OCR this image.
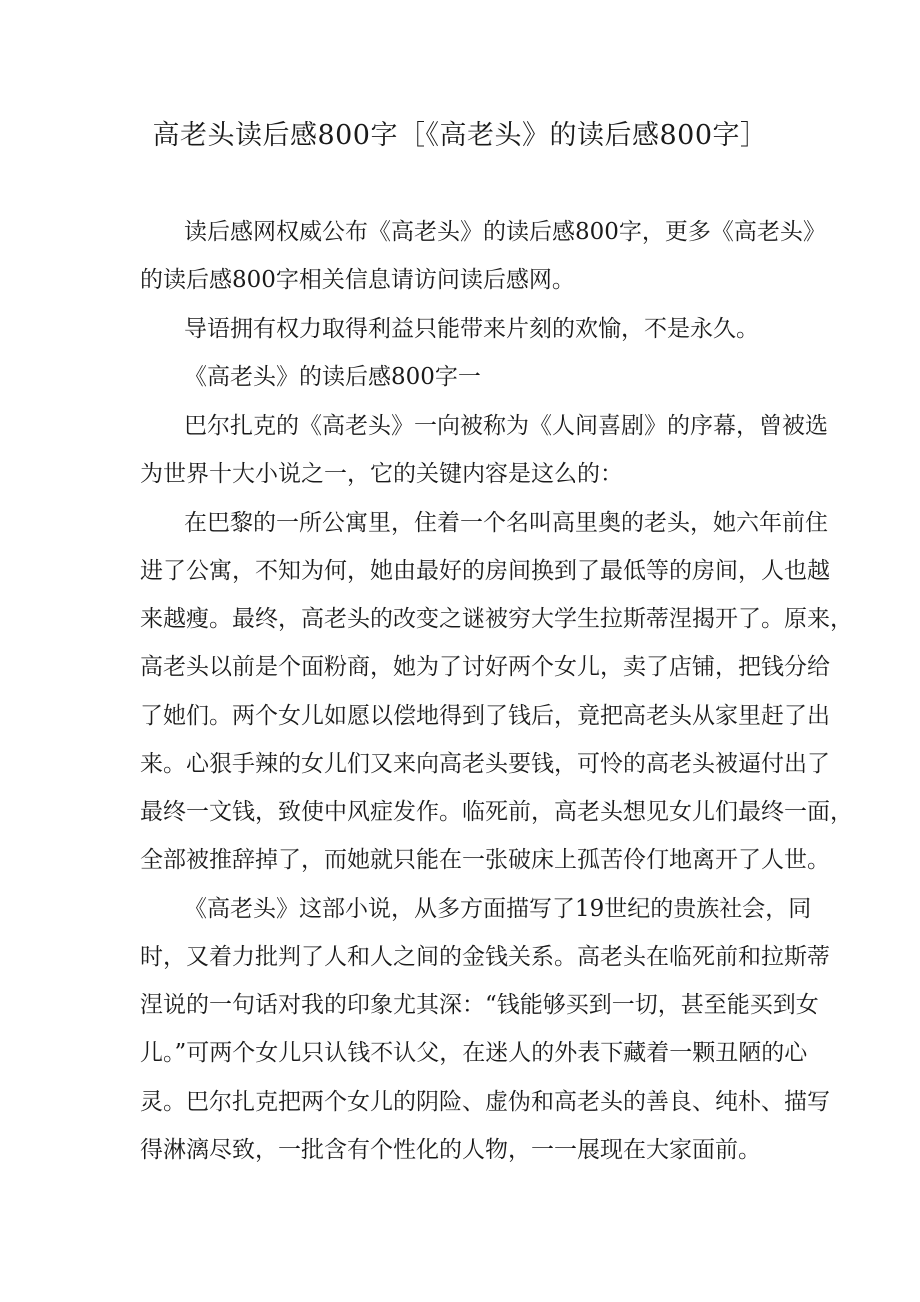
高老头读后感800字［《高老头》的读后感800字］
读后感网权威公布《高老头》的读后感800字，更多《高老头》
的读后感800字相关信息请访问读后感网。
导语拥有权力取得利益只能带来片刻的欢愉，不是永久。
《高老头》的读后感800字一
巴尔扎克的《高老头》一向被称为《人间喜剧》的序幕，曾被选
为世界十大小说之一，它的关键内容是这么的：
在巴黎的一所公寓里，住着一个名叫高里奥的老头，她六年前住
进了公寓，不知为何，她由最好的房间换到了最低等的房间，人也越
来越瘦。最终，高老头的改变之谜被穷大学生拉斯蒂涅揭开了。原来，
高老头以前是个面粉商，她为了讨好两个女儿，卖了店铺，把钱分给
了她们。两个女儿如愿以偿地得到了钱后，竟把高老头从家里赶了出
来。心狠手辣的女儿们又来向高老头要钱，可怜的高老头被逼付出了
最终一文钱，致使中风症发作。临死前，高老头想见女儿们最终一面，
全部被推辞掉了，而她就只能在一张破床上孤苦伶仃地离开了人世。
《高老头》这部小说，从多方面描写了19世纪的贵族社会，同
时，又着力批判了人和人之间的金钱关系。高老头在临死前和拉斯蒂
涅说的一句话对我的印象尤其深：“钱能够买到一切，甚至能买到女
儿。”可两个女儿只认钱不认父，在迷人的外表下藏着一颗丑陋的心
灵。巴尔扎克把两个女儿的阴险、虚伪和高老头的善良、纯朴、描写
得淋漓尽致，一批含有个性化的人物，一一展现在大家面前。
